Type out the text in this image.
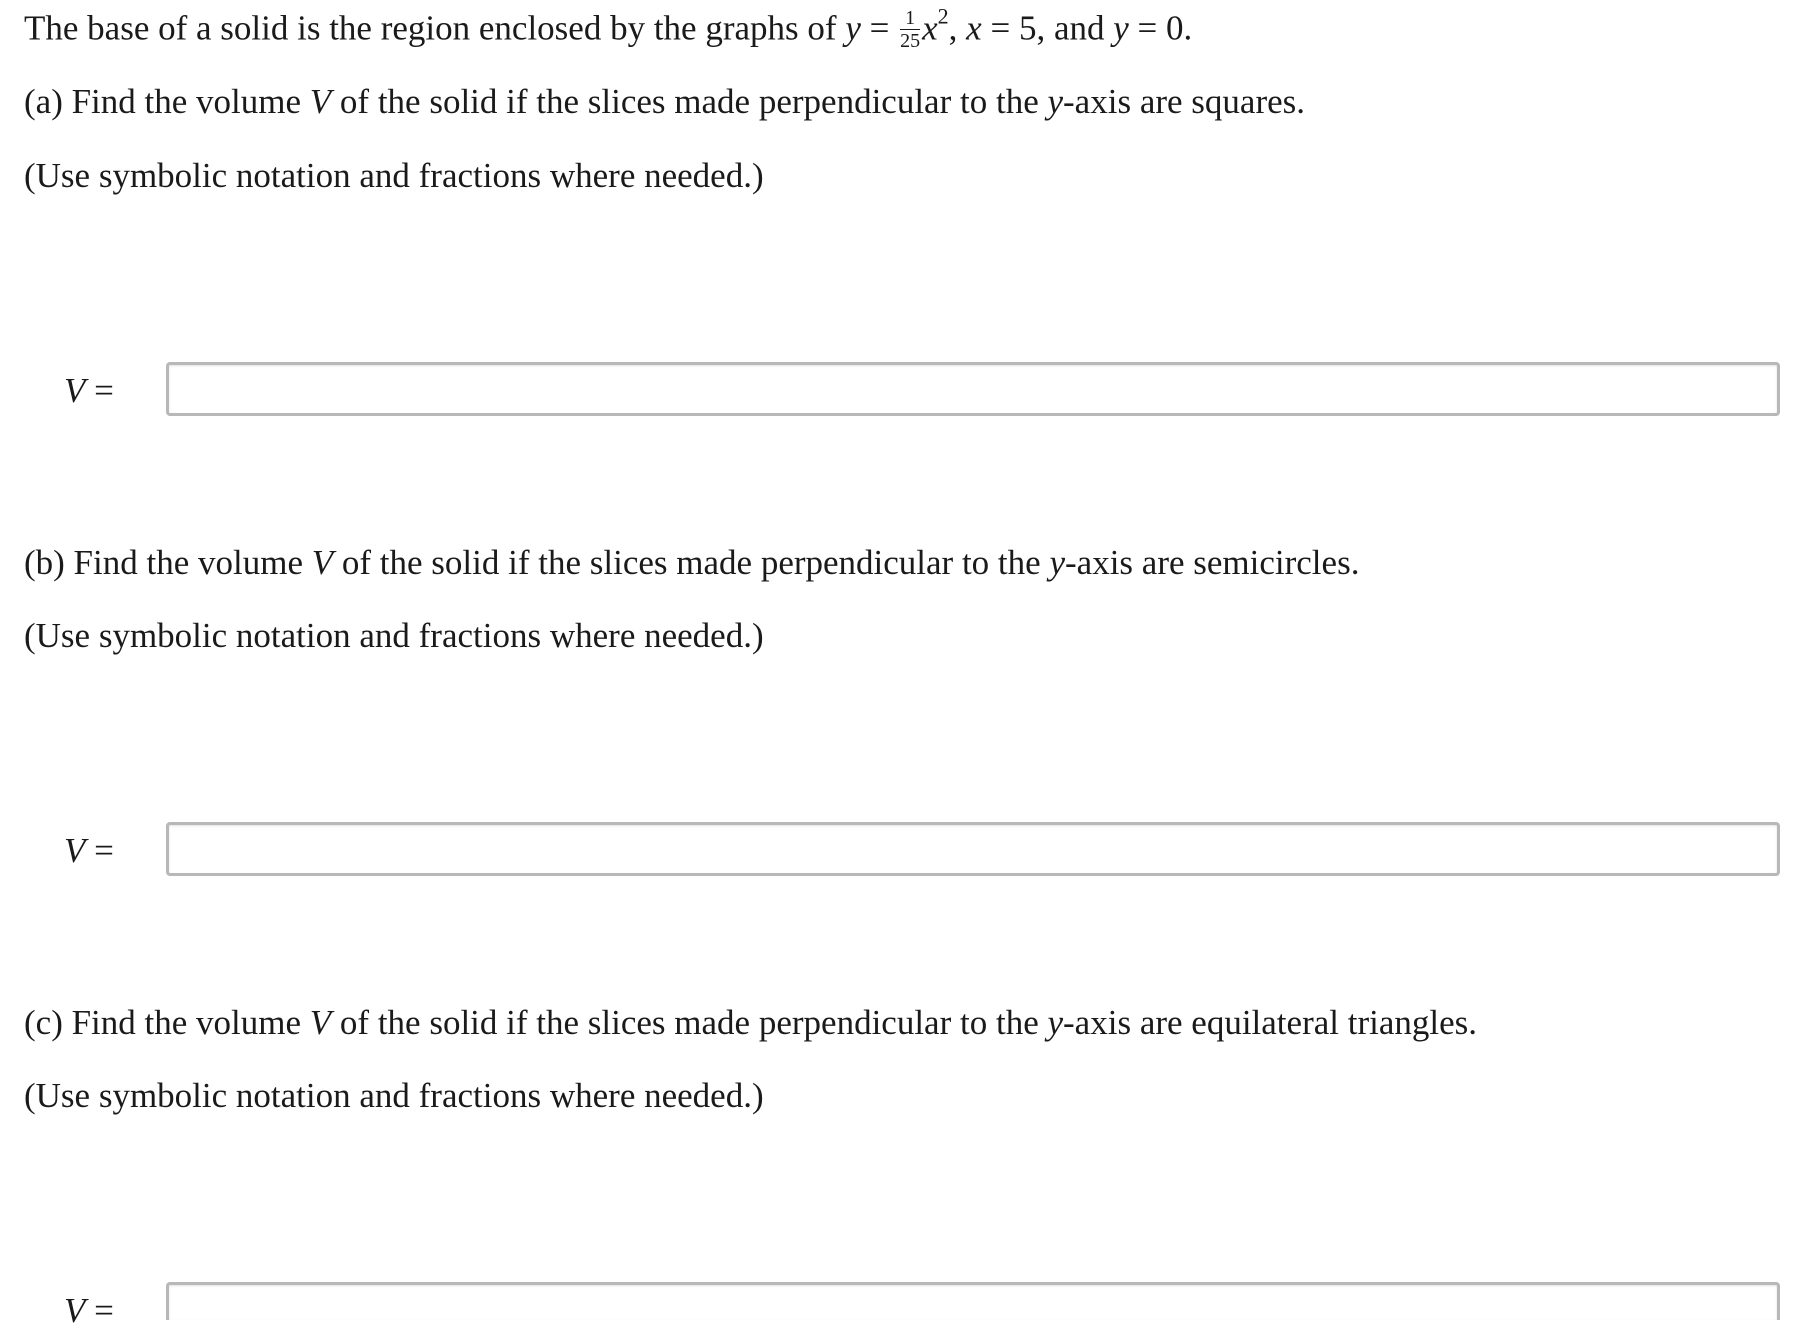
The base of a solid is the region enclosed by the graphs of $y = \frac{1}{25} x^2$, x = 5, and y = 0.
(a) Find the volume V of the solid if the slices made perpendicular to the y-axis are squares.
(Use symbolic notation and fractions where needed.)
V =
(b) Find the volume V of the solid if the slices made perpendicular to the y-axis are semicircles.
(Use symbolic notation and fractions where needed.)
V =
(c) Find the volume V of the solid if the slices made perpendicular to the y-axis are equilateral triangles.
(Use symbolic notation and fractions where needed.)
V =
